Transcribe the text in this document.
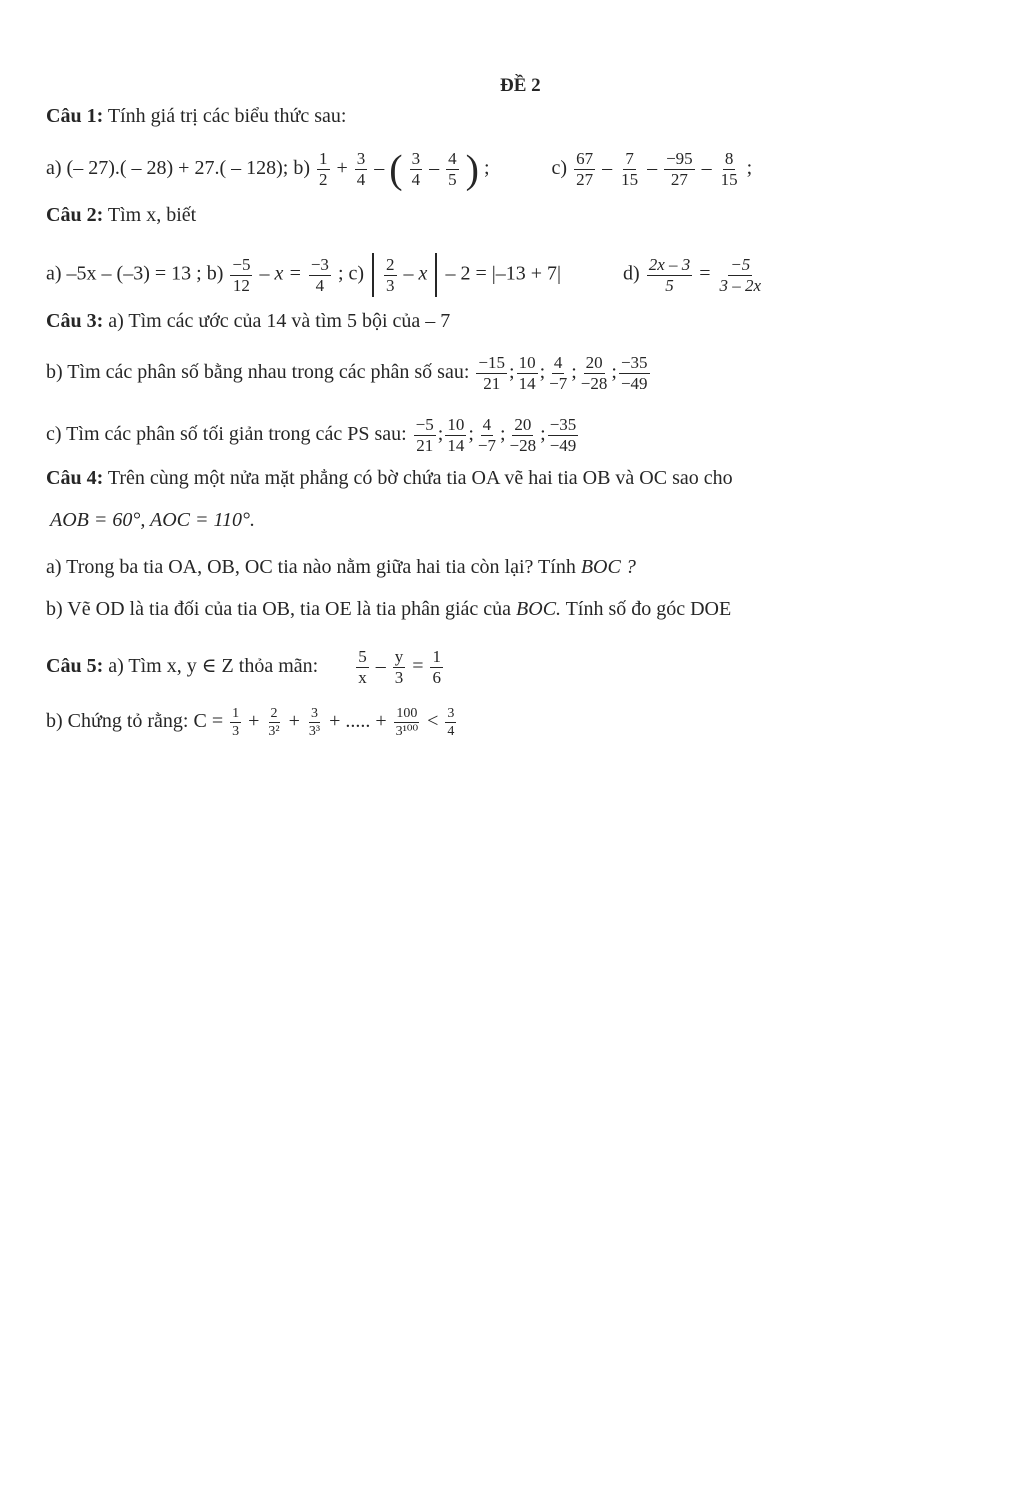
ĐỀ 2
Câu 1: Tính giá trị các biểu thức sau:
a) (– 27).( – 28) + 27.( – 128); $b) \frac{1}{2} + \frac{3}{4}$ – ( $\frac{3}{4} - \frac{4}{5}$ ) ;	$c) \frac{67}{27} - \frac{7}{15} - \frac{-95}{27} - \frac{8}{15}$ ;
Câu 2: Tìm x, biết
a) –5x – (–3) = 13 ; $b) \frac{-5}{12} - x = \frac{-3}{4}$ ; $c) \frac{2}{3} - x - 2 = |-13 + 7|$	$d) \frac{2x - 3}{5} = \frac{-5}{3 - 2x}$
Câu 3: a) Tìm các ước của 14 và tìm 5 bội của – 7
b) Tìm các phân số bằng nhau trong các phân số sau: $\frac{-15}{21}$ ; $\frac{10}{14}$ ; $\frac{4}{-7}$ ; $\frac{20}{-28}$ ; $\frac{-35}{-49}$
c) Tìm các phân số tối giản trong các PS sau: $\frac{-5}{21}$ ; $\frac{10}{14}$ ; $\frac{4}{-7}$ ; $\frac{20}{-28}$ ; $\frac{-35}{-49}$
Câu 4: Trên cùng một nửa mặt phẳng có bờ chứa tia OA vẽ hai tia OB và OC sao cho
AOB = 60°, AOC = 110°.
a) Trong ba tia OA, OB, OC tia nào nằm giữa hai tia còn lại? Tính BOC ?
b) Vẽ OD là tia đối của tia OB, tia OE là tia phân giác của BOC. Tính số đo góc DOE
Câu 5: a) Tìm x, y ∈ Z thỏa mãn: $\frac{5}{x} - \frac{y}{3} = \frac{1}{6}$
b) Chứng tỏ rằng: $C = \frac{1}{3} + \frac{2}{\text{3²}} + \frac{3}{\text{3³}}$ + ..... + $\frac{100}{\text{3¹⁰⁰}} < \frac{3}{4}$
